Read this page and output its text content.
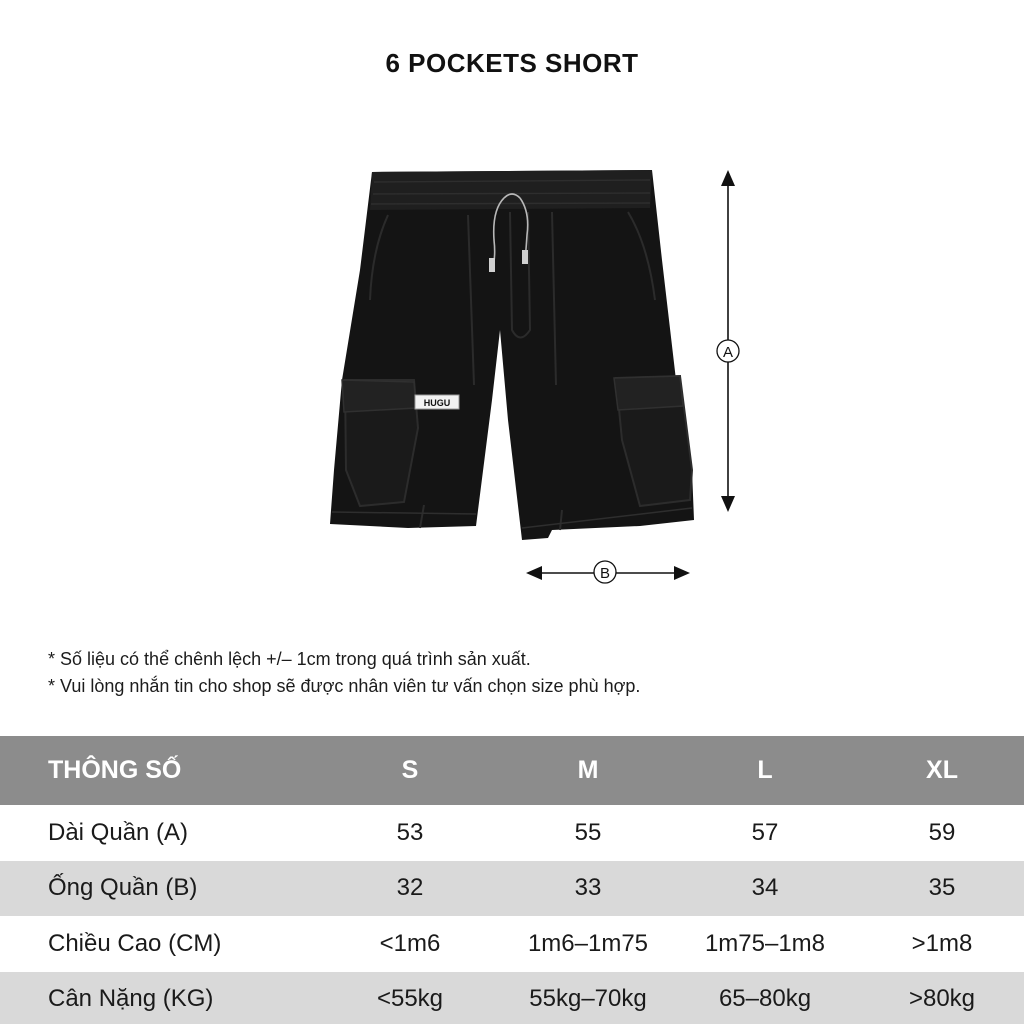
6 POCKETS SHORT
HUGU
A
B
* Số liệu có thể chênh lệch +/– 1cm trong quá trình sản xuất.
* Vui lòng nhắn tin cho shop sẽ được nhân viên tư vấn chọn size phù hợp.
THÔNG SỐ	S	M	L	XL
Dài Quần (A)	53	55	57	59
Ống Quần (B)	32	33	34	35
Chiều Cao (CM)	<1m6	1m6–1m75	1m75–1m8	>1m8
Cân Nặng (KG)	<55kg	55kg–70kg	65–80kg	>80kg
